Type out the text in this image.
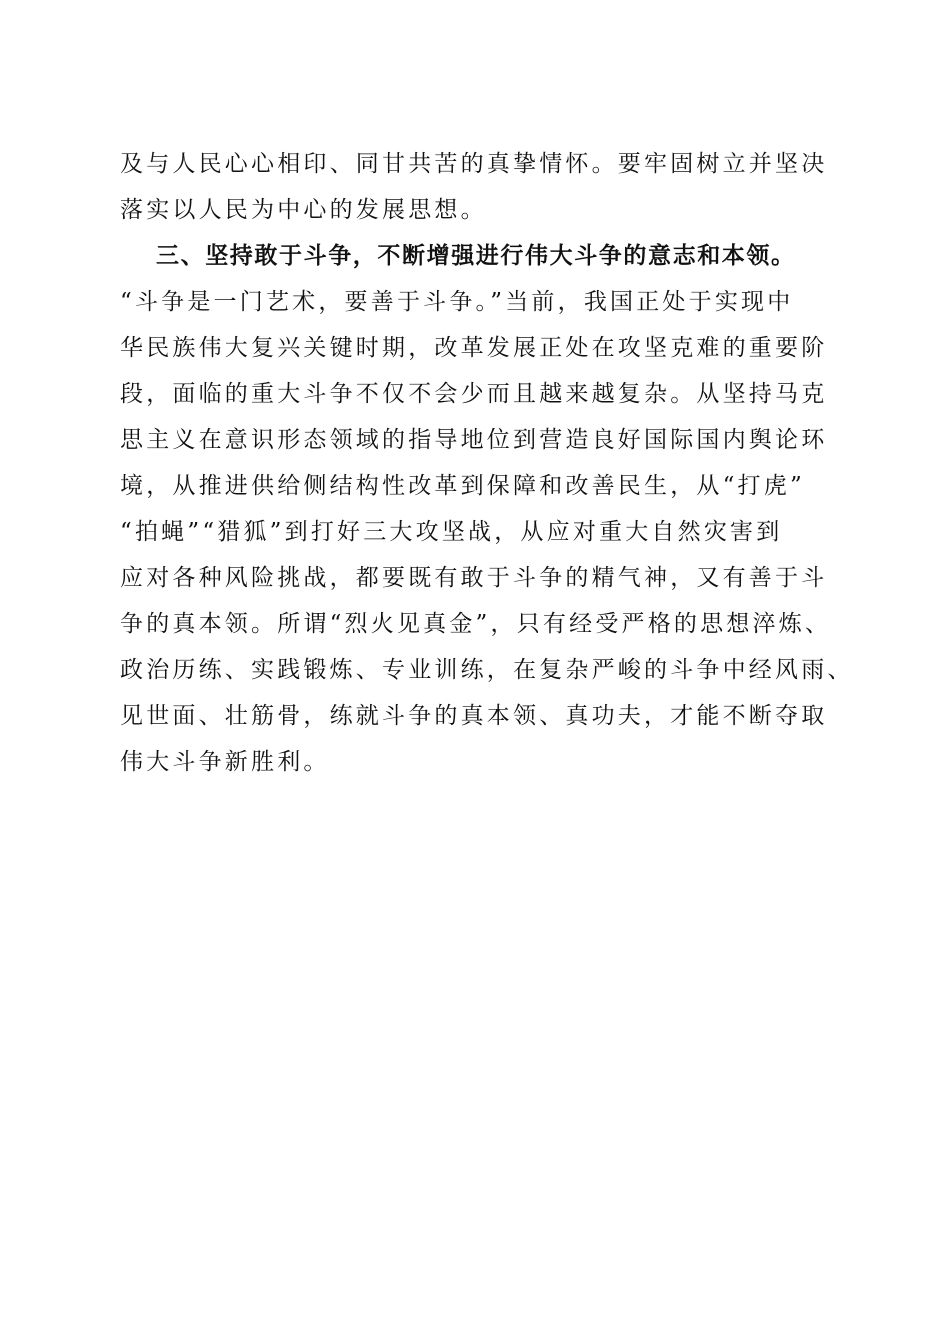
及与人民心心相印、同甘共苦的真挚情怀。要牢固树立并坚决
落实以人民为中心的发展思想。
三、坚持敢于斗争，不断增强进行伟大斗争的意志和本领。
“斗争是一门艺术，要善于斗争。”当前，我国正处于实现中
华民族伟大复兴关键时期，改革发展正处在攻坚克难的重要阶
段，面临的重大斗争不仅不会少而且越来越复杂。从坚持马克
思主义在意识形态领域的指导地位到营造良好国际国内舆论环
境，从推进供给侧结构性改革到保障和改善民生，从“打虎”
“拍蝇”“猎狐”到打好三大攻坚战，从应对重大自然灾害到
应对各种风险挑战，都要既有敢于斗争的精气神，又有善于斗
争的真本领。所谓“烈火见真金”，只有经受严格的思想淬炼、
政治历练、实践锻炼、专业训练，在复杂严峻的斗争中经风雨、
见世面、壮筋骨，练就斗争的真本领、真功夫，才能不断夺取
伟大斗争新胜利。
